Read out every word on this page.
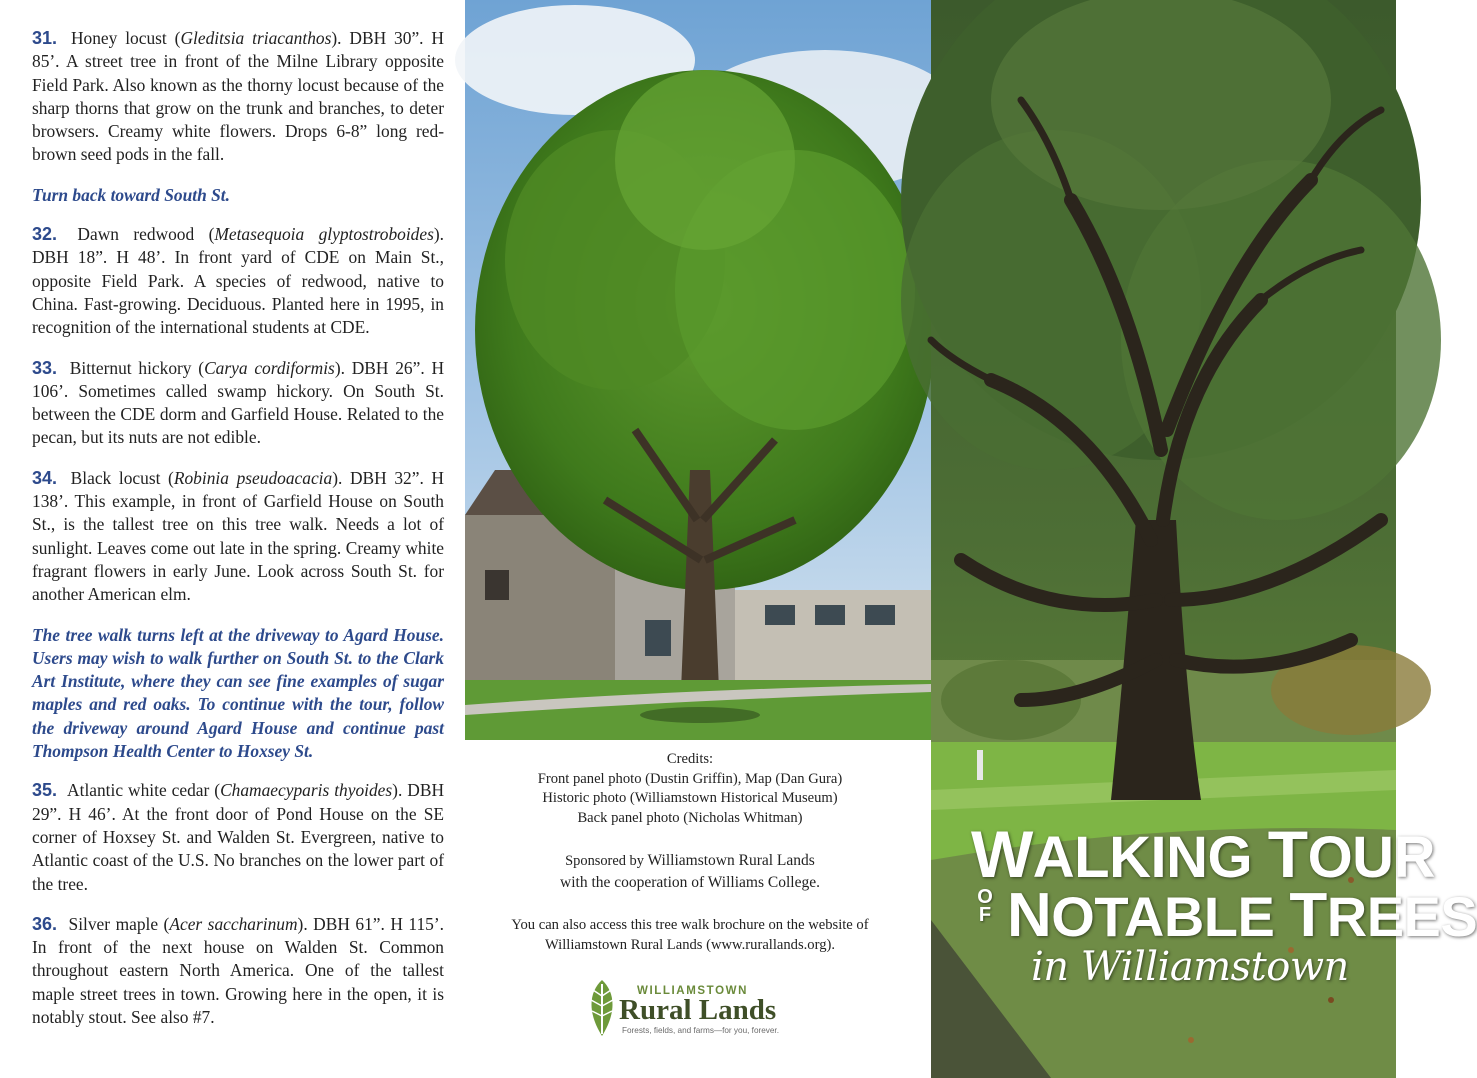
31. Honey locust (Gleditsia triacanthos). DBH 30”. H 85’. A street tree in front of the Milne Library opposite Field Park. Also known as the thorny locust because of the sharp thorns that grow on the trunk and branches, to deter browsers. Creamy white flowers. Drops 6-8” long red-brown seed pods in the fall.

Turn back toward South St.

32. Dawn redwood (Metasequoia glyptostroboides). DBH 18”. H 48’. In front yard of CDE on Main St., opposite Field Park. A species of redwood, native to China. Fast-growing. Deciduous. Planted here in 1995, in recognition of the international students at CDE.

33. Bitternut hickory (Carya cordiformis). DBH 26”. H 106’. Sometimes called swamp hickory. On South St. between the CDE dorm and Garfield House. Related to the pecan, but its nuts are not edible.

34. Black locust (Robinia pseudoacacia). DBH 32”. H 138’. This example, in front of Garfield House on South St., is the tallest tree on this tree walk. Needs a lot of sunlight. Leaves come out late in the spring. Creamy white fragrant flowers in early June. Look across South St. for another American elm.

The tree walk turns left at the driveway to Agard House. Users may wish to walk further on South St. to the Clark Art Institute, where they can see fine examples of sugar maples and red oaks. To continue with the tour, follow the driveway around Agard House and continue past Thompson Health Center to Hoxsey St.

35. Atlantic white cedar (Chamaecyparis thyoides). DBH 29”. H 46’. At the front door of Pond House on the SE corner of Hoxsey St. and Walden St. Evergreen, native to Atlantic coast of the U.S. No branches on the lower part of the tree.

36. Silver maple (Acer saccharinum). DBH 61”. H 115’. In front of the next house on Walden St. Common throughout eastern North America. One of the tallest maple street trees in town. Growing here in the open, it is notably stout. See also #7.

Credits:
Front panel photo (Dustin Griffin), Map (Dan Gura)
Historic photo (Williamstown Historical Museum)
Back panel photo (Nicholas Whitman)
Sponsored by Williamstown Rural Lands
with the cooperation of Williams College.
You can also access this tree walk brochure on the website of
Williamstown Rural Lands (www.rurallands.org).
WILLIAMSTOWN
Rural Lands
Forests, fields, and farms—for you, forever.
WALKING TOUR
OF NOTABLE TREES
in Williamstown
